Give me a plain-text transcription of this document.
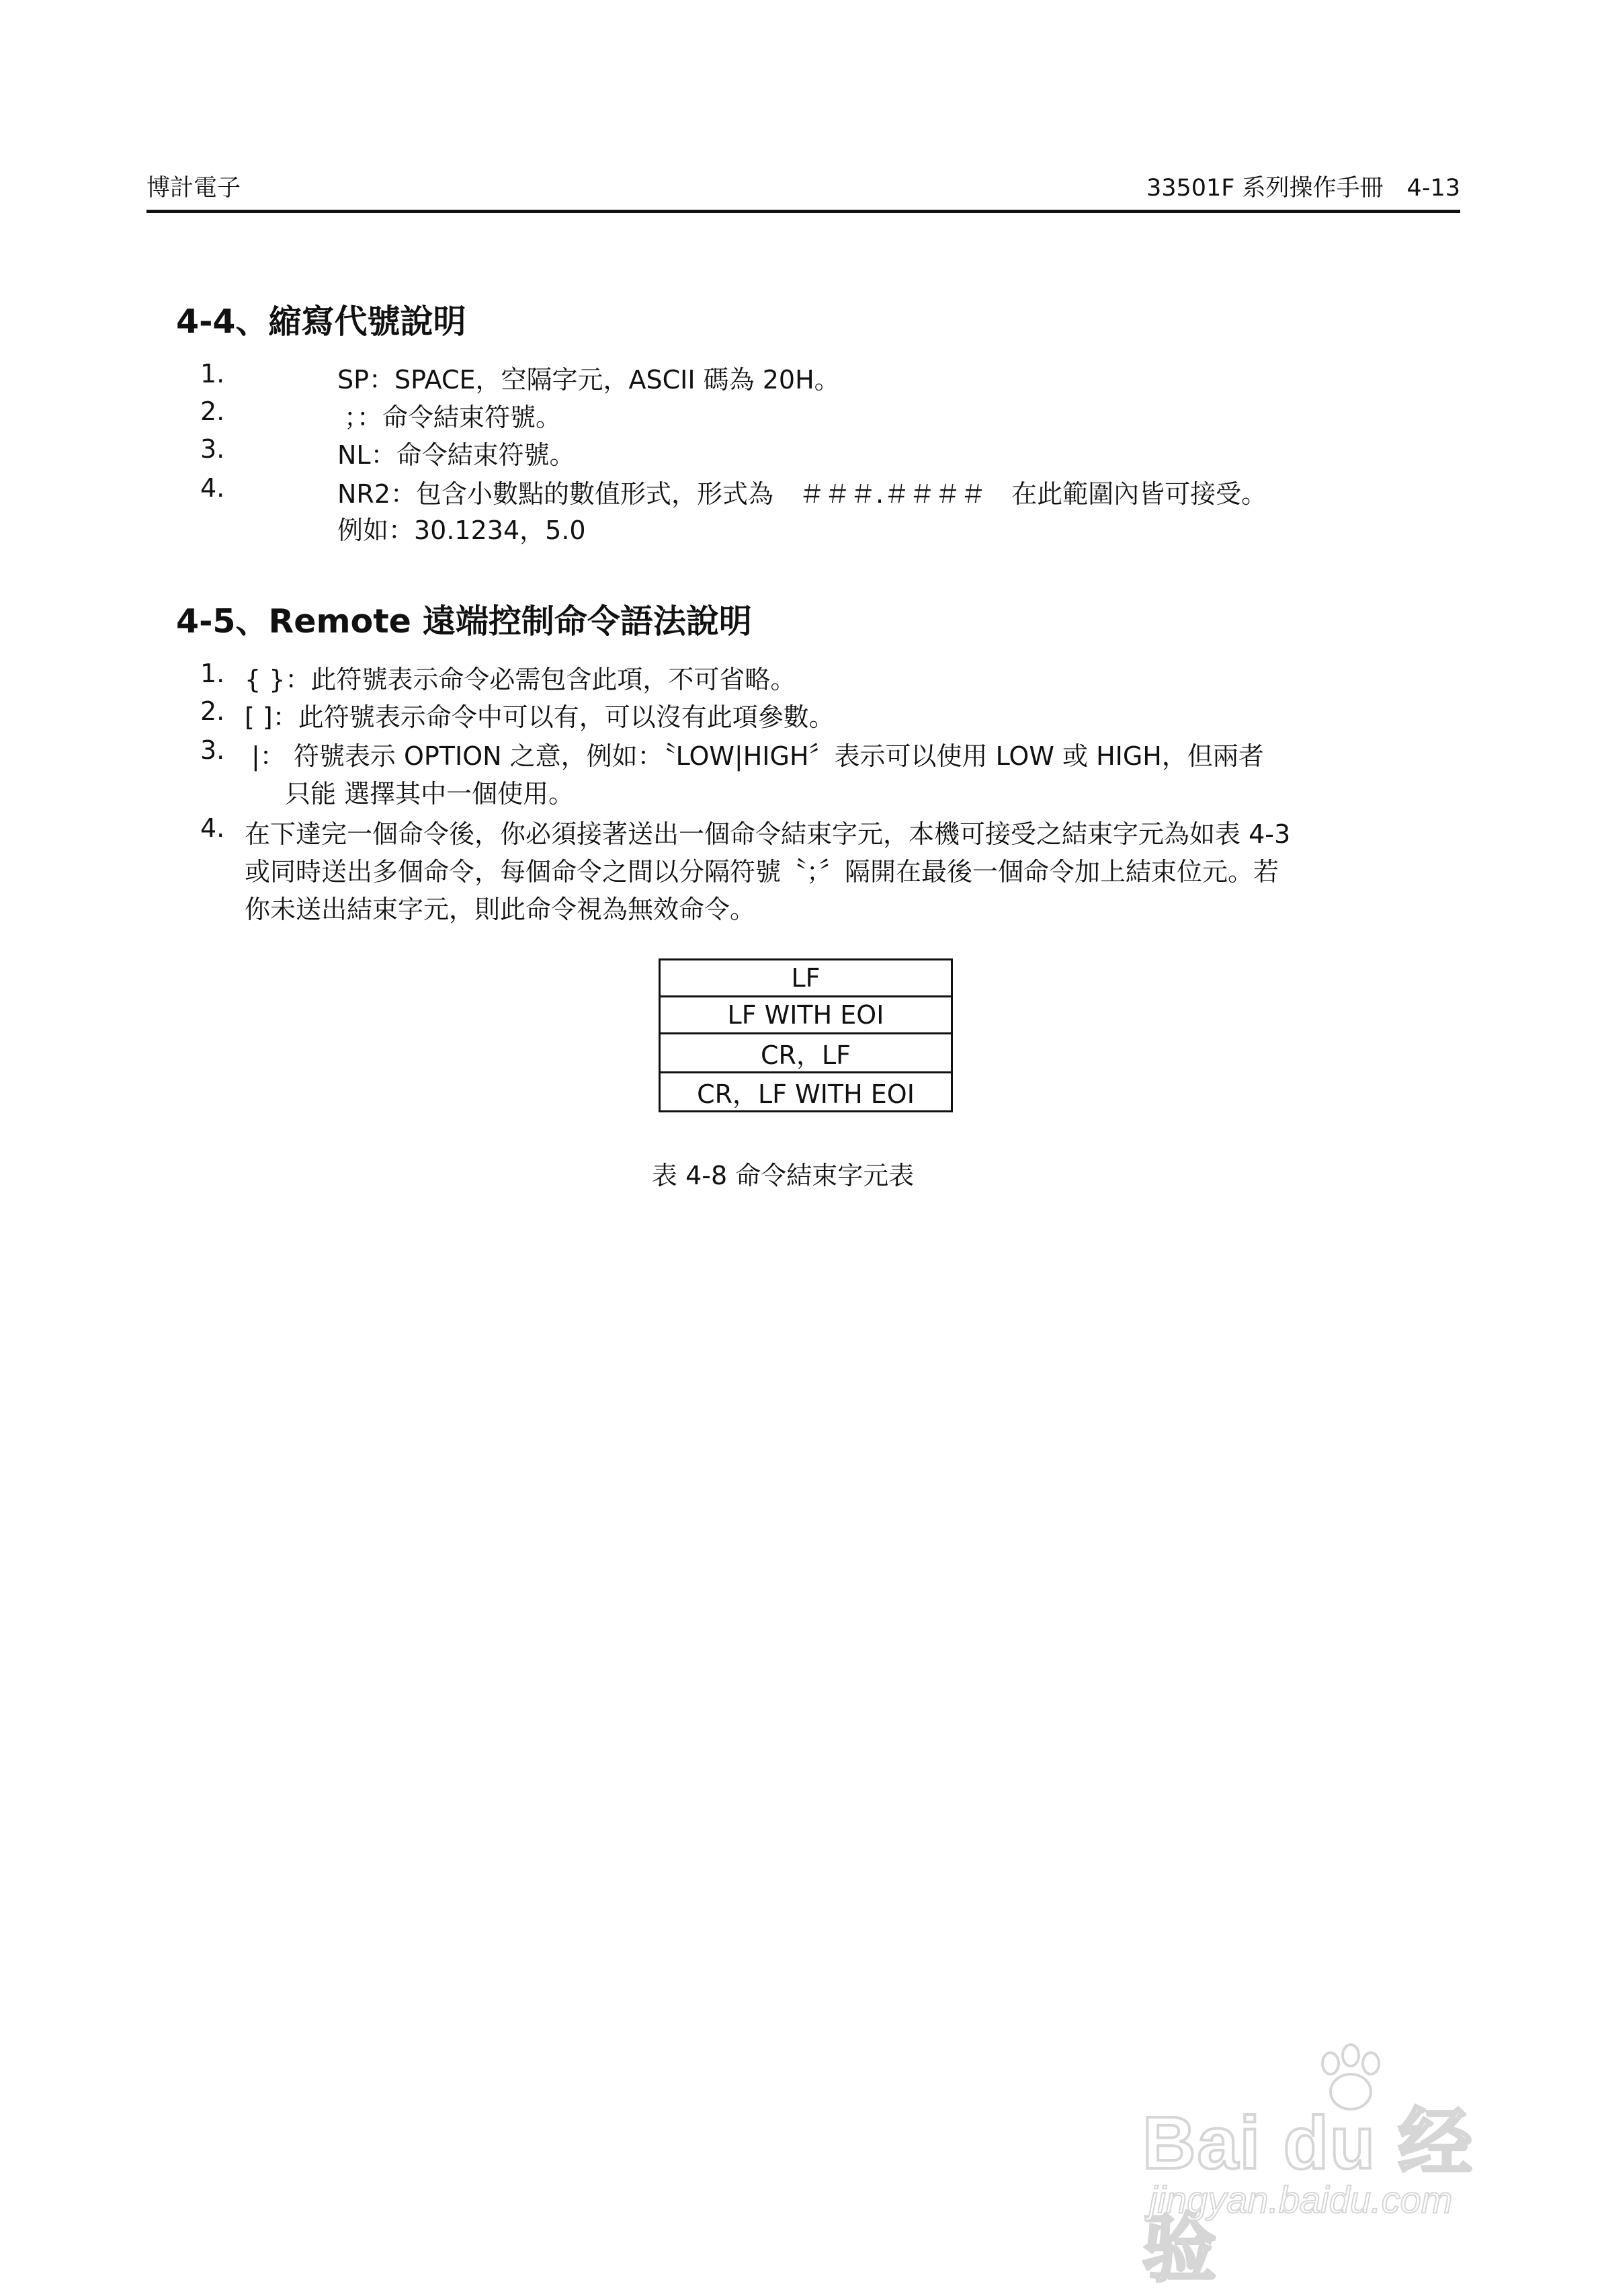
博計電子	33501F 系列操作手冊　4-13
4-4、縮寫代號說明
1.	SP：SPACE，空隔字元，ASCII 碼為 20H。
2.	；：命令結束符號。
3.	NL：命令結束符號。
4.	NR2：包含小數點的數值形式，形式為　＃＃＃.＃＃＃＃　在此範圍內皆可接受。
例如：30.1234，5.0
4-5、Remote 遠端控制命令語法說明
1. { }：此符號表示命令必需包含此項，不可省略。
2. [ ]：此符號表示命令中可以有，可以沒有此項參數。
3. |： 符號表示 OPTION 之意，例如：〝LOW|HIGH〞表示可以使用 LOW 或 HIGH，但兩者
只能 選擇其中一個使用。
4. 在下達完一個命令後，你必須接著送出一個命令結束字元，本機可接受之結束字元為如表 4-3
或同時送出多個命令，每個命令之間以分隔符號〝；〞隔開在最後一個命令加上結束位元。若
你未送出結束字元，則此命令視為無效命令。
LF
LF WITH EOI
CR，LF
CR，LF WITH EOI
表 4-8 命令結束字元表
Bai du 经验
jingyan.baidu.com
